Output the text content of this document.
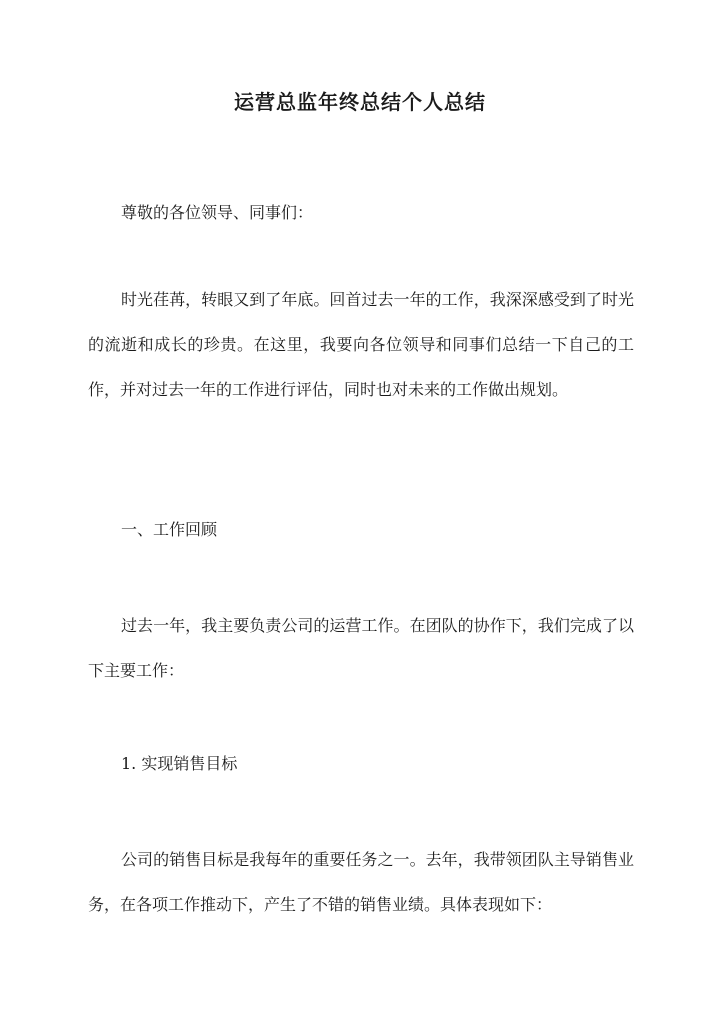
运营总监年终总结个人总结

尊敬的各位领导、同事们：

时光荏苒，转眼又到了年底。回首过去一年的工作，我深深感受到了时光的流逝和成长的珍贵。在这里，我要向各位领导和同事们总结一下自己的工作，并对过去一年的工作进行评估，同时也对未来的工作做出规划。

一、工作回顾

过去一年，我主要负责公司的运营工作。在团队的协作下，我们完成了以下主要工作：

1. 实现销售目标

公司的销售目标是我每年的重要任务之一。去年，我带领团队主导销售业务，在各项工作推动下，产生了不错的销售业绩。具体表现如下：
